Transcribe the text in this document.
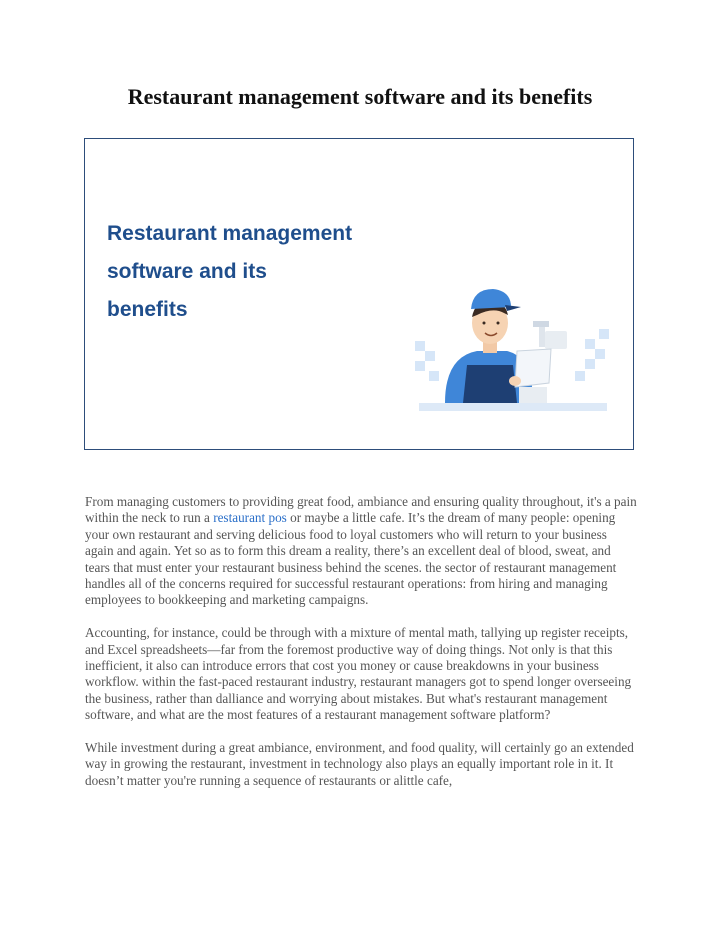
Restaurant management software and its benefits
Restaurant management
software and its
benefits

From managing customers to providing great food, ambiance and ensuring quality throughout, it's a pain within the neck to run a restaurant pos or maybe a little cafe. It’s the dream of many people: opening your own restaurant and serving delicious food to loyal customers who will return to your business again and again. Yet so as to form this dream a reality, there’s an excellent deal of blood, sweat, and tears that must enter your restaurant business behind the scenes. the sector of restaurant management handles all of the concerns required for successful restaurant operations: from hiring and managing employees to bookkeeping and marketing campaigns.

Accounting, for instance, could be through with a mixture of mental math, tallying up register receipts, and Excel spreadsheets—far from the foremost productive way of doing things. Not only is that this inefficient, it also can introduce errors that cost you money or cause breakdowns in your business workflow. within the fast-paced restaurant industry, restaurant managers got to spend longer overseeing the business, rather than dalliance and worrying about mistakes. But what's restaurant management software, and what are the most features of a restaurant management software platform?

While investment during a great ambiance, environment, and food quality, will certainly go an extended way in growing the restaurant, investment in technology also plays an equally important role in it. It doesn’t matter you're running a sequence of restaurants or alittle cafe,
